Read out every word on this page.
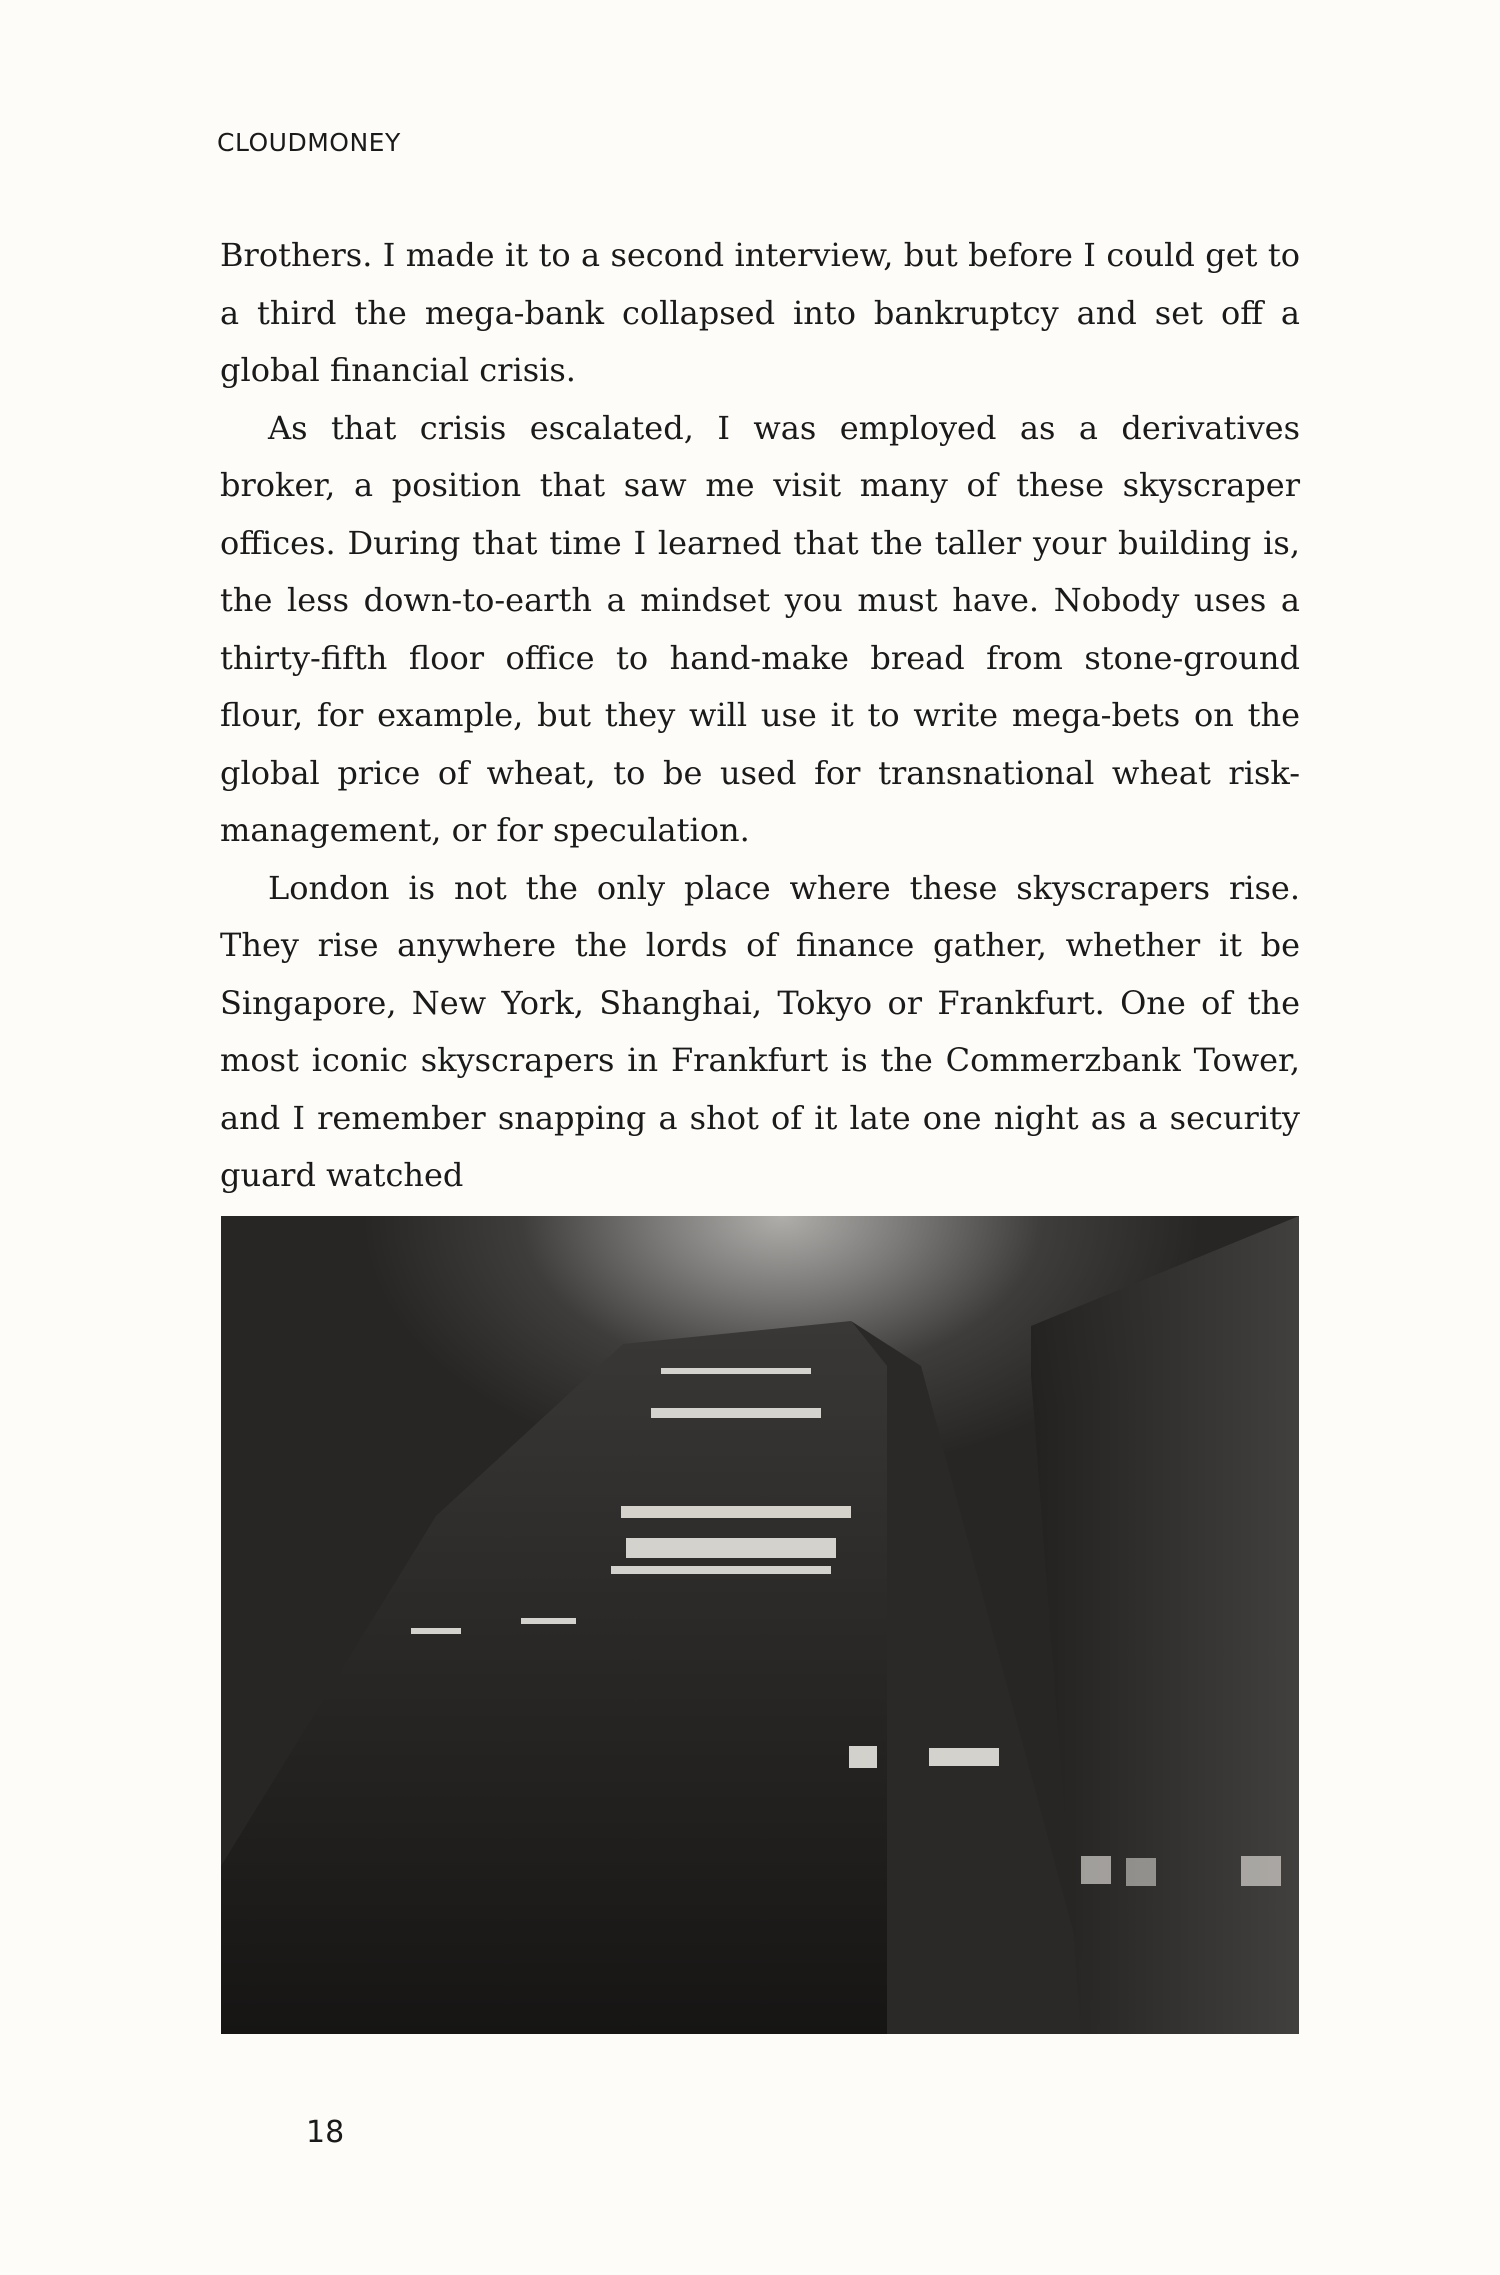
CLOUDMONEY

Brothers. I made it to a second interview, but before I could get to a third the mega-bank collapsed into bankruptcy and set off a global financial crisis.

As that crisis escalated, I was employed as a derivatives broker, a position that saw me visit many of these skyscraper offices. During that time I learned that the taller your building is, the less down-to-earth a mindset you must have. Nobody uses a thirty-fifth floor office to hand-make bread from stone-ground flour, for example, but they will use it to write mega-bets on the global price of wheat, to be used for transnational wheat risk-management, or for speculation.

London is not the only place where these skyscrapers rise. They rise anywhere the lords of finance gather, whether it be Singapore, New York, Shanghai, Tokyo or Frankfurt. One of the most iconic skyscrapers in Frankfurt is the Commerzbank Tower, and I remember snapping a shot of it late one night as a security guard watched

18
